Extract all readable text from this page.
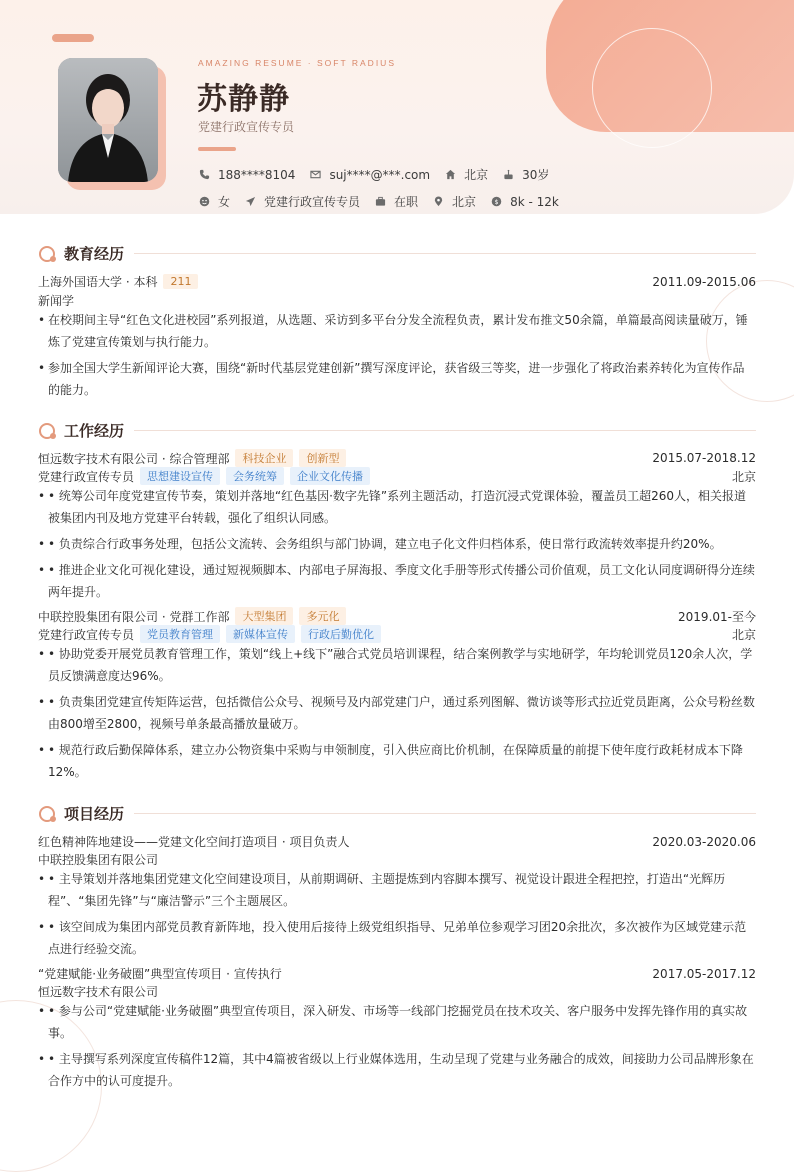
AMAZING RESUME · SOFT RADIUS
苏静静
党建行政宣传专员
188****8104	suj****@***.com	北京	30岁
女	党建行政宣传专员	在职	北京	$ 8k - 12k
教育经历
上海外国语大学 · 本科	211	2011.09-2015.06
新闻学
• 在校期间主导“红色文化进校园”系列报道，从选题、采访到多平台分发全流程负责，累计发布推文50余篇，单篇最高阅读量破万，锤炼了党建宣传策划与执行能力。
• 参加全国大学生新闻评论大赛，围绕“新时代基层党建创新”撰写深度评论，获省级三等奖，进一步强化了将政治素养转化为宣传作品的能力。
工作经历
恒远数字技术有限公司 · 综合管理部	科技企业	创新型	2015.07-2018.12
党建行政宣传专员	思想建设宣传	会务统筹	企业文化传播	北京
• • 统筹公司年度党建宣传节奏，策划并落地“红色基因·数字先锋”系列主题活动，打造沉浸式党课体验，覆盖员工超260人，相关报道被集团内刊及地方党建平台转载，强化了组织认同感。
• • 负责综合行政事务处理，包括公文流转、会务组织与部门协调，建立电子化文件归档体系，使日常行政流转效率提升约20%。
• • 推进企业文化可视化建设，通过短视频脚本、内部电子屏海报、季度文化手册等形式传播公司价值观，员工文化认同度调研得分连续两年提升。
中联控股集团有限公司 · 党群工作部	大型集团	多元化	2019.01-至今
党建行政宣传专员	党员教育管理	新媒体宣传	行政后勤优化	北京
• • 协助党委开展党员教育管理工作，策划“线上+线下”融合式党员培训课程，结合案例教学与实地研学，年均轮训党员120余人次，学员反馈满意度达96%。
• • 负责集团党建宣传矩阵运营，包括微信公众号、视频号及内部党建门户，通过系列图解、微访谈等形式拉近党员距离，公众号粉丝数由800增至2800，视频号单条最高播放量破万。
• • 规范行政后勤保障体系，建立办公物资集中采购与申领制度，引入供应商比价机制，在保障质量的前提下使年度行政耗材成本下降12%。
项目经历
红色精神阵地建设——党建文化空间打造项目 · 项目负责人	2020.03-2020.06
中联控股集团有限公司
• • 主导策划并落地集团党建文化空间建设项目，从前期调研、主题提炼到内容脚本撰写、视觉设计跟进全程把控，打造出“光辉历程”、“集团先锋”与“廉洁警示”三个主题展区。
• • 该空间成为集团内部党员教育新阵地，投入使用后接待上级党组织指导、兄弟单位参观学习团20余批次，多次被作为区域党建示范点进行经验交流。
“党建赋能·业务破圈”典型宣传项目 · 宣传执行	2017.05-2017.12
恒远数字技术有限公司
• • 参与公司“党建赋能·业务破圈”典型宣传项目，深入研发、市场等一线部门挖掘党员在技术攻关、客户服务中发挥先锋作用的真实故事。
• • 主导撰写系列深度宣传稿件12篇，其中4篇被省级以上行业媒体选用，生动呈现了党建与业务融合的成效，间接助力公司品牌形象在合作方中的认可度提升。
